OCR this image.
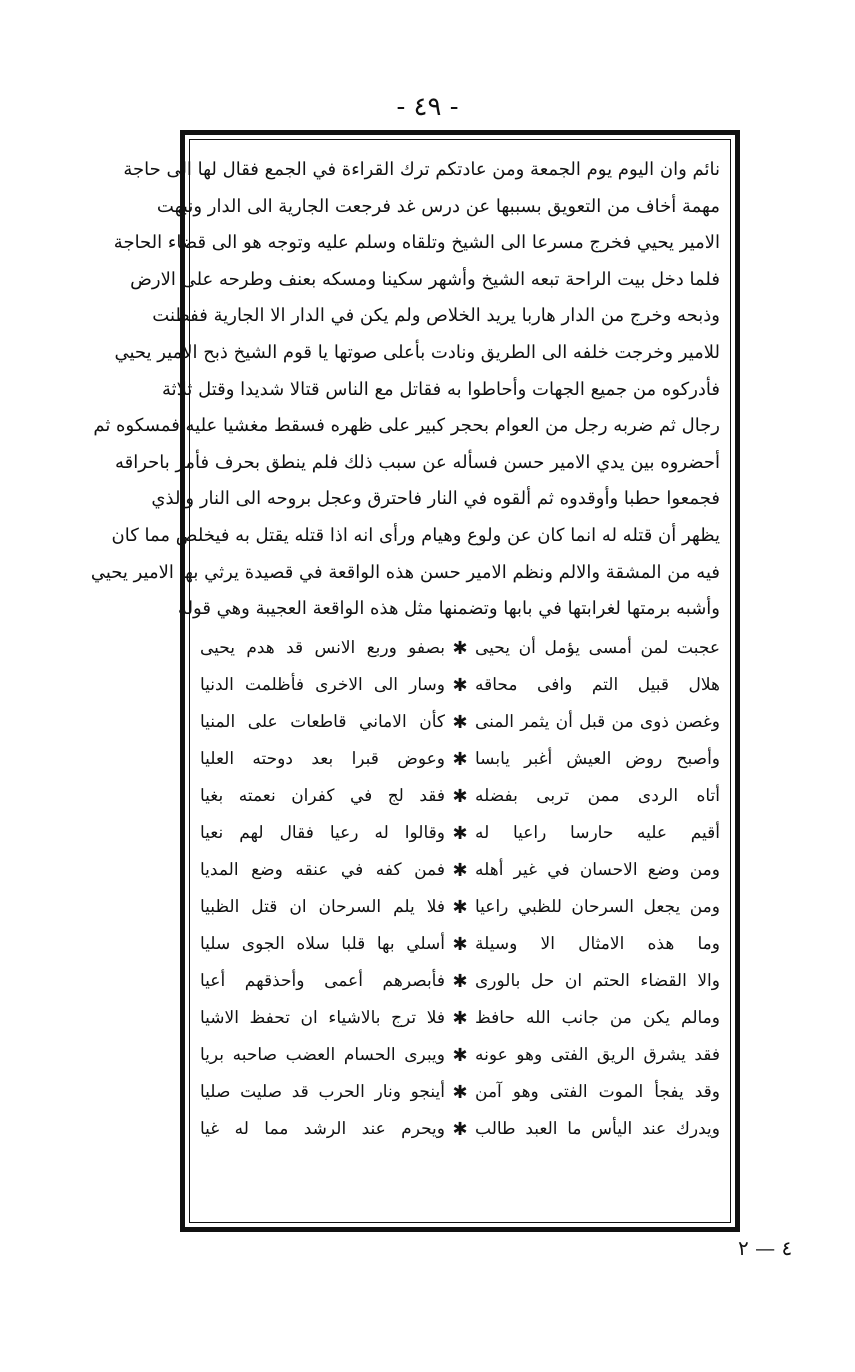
- ٤٩ -
نائم وان اليوم يوم الجمعة ومن عادتكم ترك القراءة في الجمع فقال لها الى حاجة
مهمة أخاف من التعويق بسببها عن درس غد فرجعت الجارية الى الدار ونبهت
الامير يحيي فخرج مسرعا الى الشيخ وتلقاه وسلم عليه وتوجه هو الى قضاء الحاجة
فلما دخل بيت الراحة تبعه الشيخ وأشهر سكينا ومسكه بعنف وطرحه على الارض
وذبحه وخرج من الدار هاربا يريد الخلاص ولم يكن في الدار الا الجارية ففطنت
للامير وخرجت خلفه الى الطريق ونادت بأعلى صوتها يا قوم الشيخ ذبح الامير يحيي
فأدركوه من جميع الجهات وأحاطوا به فقاتل مع الناس قتالا شديدا وقتل ثلاثة
رجال ثم ضربه رجل من العوام بحجر كبير على ظهره فسقط مغشيا عليه فمسكوه ثم
أحضروه بين يدي الامير حسن فسأله عن سبب ذلك فلم ينطق بحرف فأمر باحراقه
فجمعوا حطبا وأوقدوه ثم ألقوه في النار فاحترق وعجل بروحه الى النار والذي
يظهر أن قتله له انما كان عن ولوع وهيام ورأى انه اذا قتله يقتل به فيخلص مما كان
فيه من المشقة والالم ونظم الامير حسن هذه الواقعة في قصيدة يرثي بها الامير يحيي
وأشبه برمتها لغرابتها في بابها وتضمنها مثل هذه الواقعة العجيبة وهي قوله
عجبت لمن أمسى يؤمل أن يحيى
✱
بصفو وربع الانس قد هدم يحيى
هلال قبيل التم وافى محاقه
✱
وسار الى الاخرى فأظلمت الدنيا
وغصن ذوى من قبل أن يثمر المنى
✱
كأن الاماني قاطعات على المنيا
وأصبح روض العيش أغبر يابسا
✱
وعوض قبرا بعد دوحته العليا
أتاه الردى ممن تربى بفضله
✱
فقد لج في كفران نعمته بغيا
أقيم عليه حارسا راعيا له
✱
وقالوا له رعيا فقال لهم نعيا
ومن وضع الاحسان في غير أهله
✱
فمن كفه في عنقه وضع المديا
ومن يجعل السرحان للظبي راعيا
✱
فلا يلم السرحان ان قتل الظبيا
وما هذه الامثال الا وسيلة
✱
أسلي بها قلبا سلاه الجوى سليا
والا القضاء الحتم ان حل بالورى
✱
فأبصرهم أعمى وأحذقهم أعيا
ومالم يكن من جانب الله حافظ
✱
فلا ترج بالاشياء ان تحفظ الاشيا
فقد يشرق الريق الفتى وهو عونه
✱
ويبرى الحسام العضب صاحبه بريا
وقد يفجأ الموت الفتى وهو آمن
✱
أينجو ونار الحرب قد صليت صليا
ويدرك عند اليأس ما العبد طالب
✱
ويحرم عند الرشد مما له غيا
٤ — ٢
